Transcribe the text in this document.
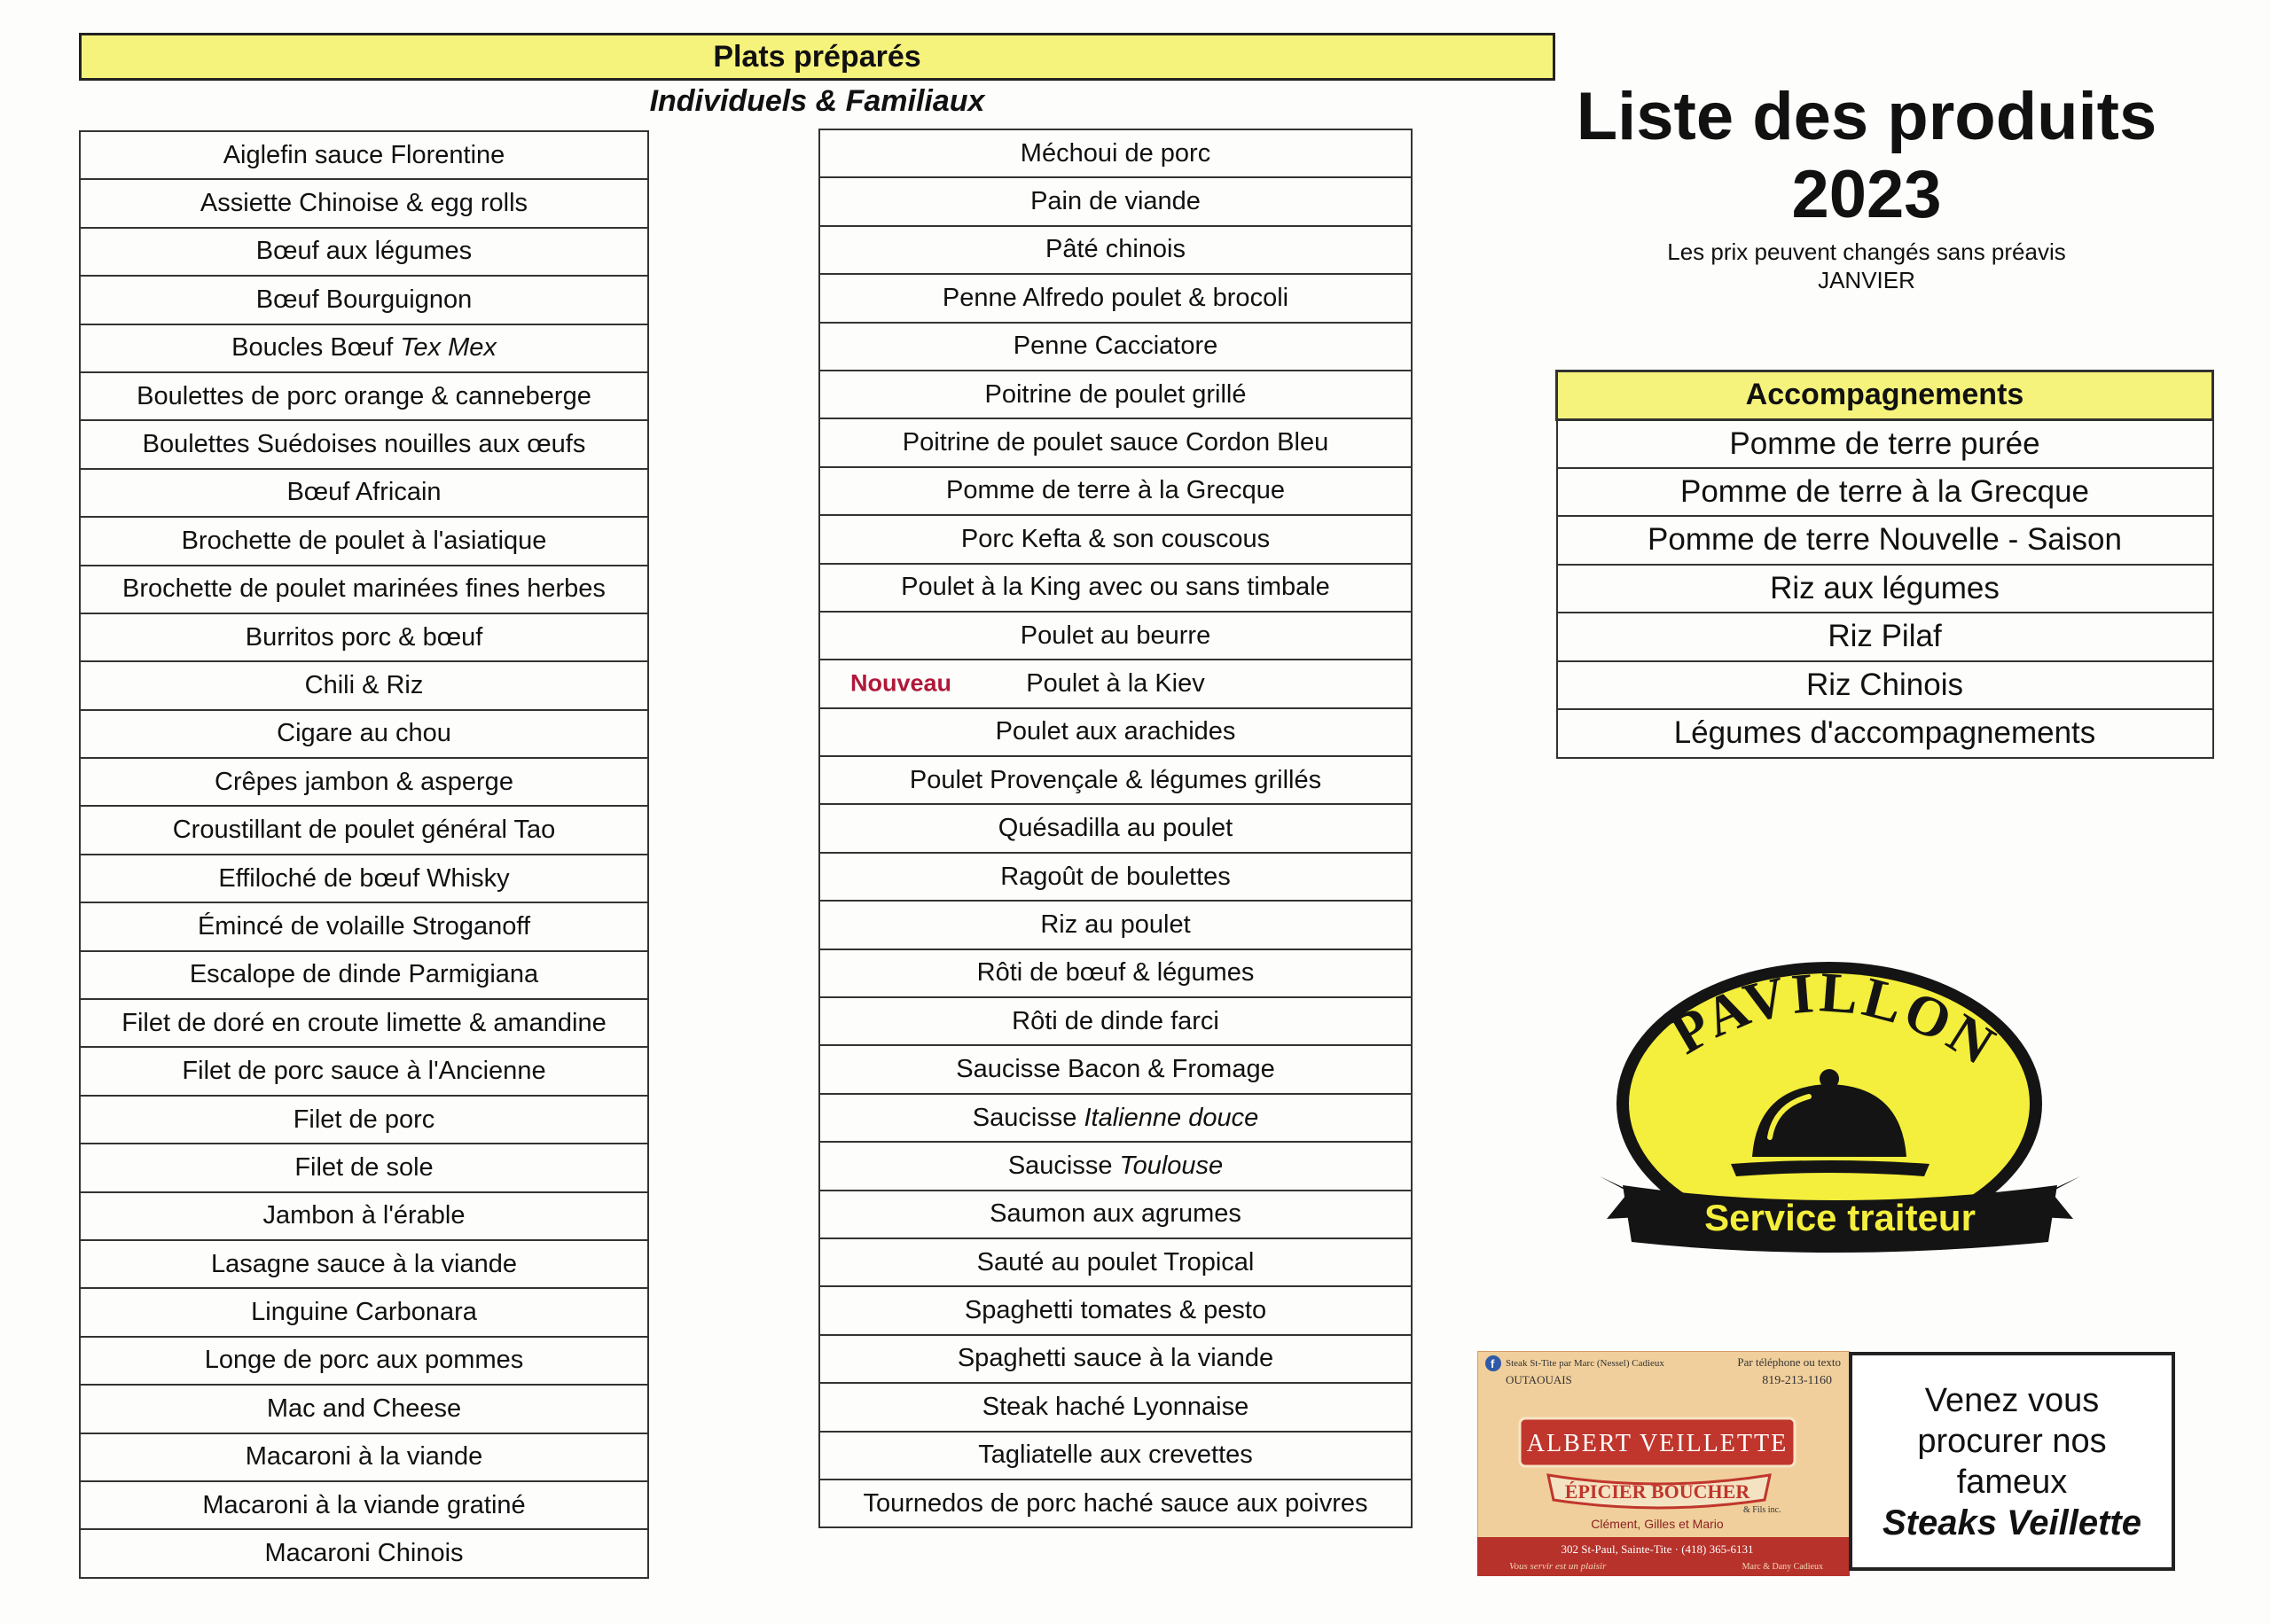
Plats préparés
Individuels & Familiaux
Aiglefin sauce Florentine

Assiette Chinoise & egg rolls

Bœuf aux légumes

Bœuf Bourguignon

Boucles Bœuf Tex Mex

Boulettes de porc orange & canneberge

Boulettes Suédoises nouilles aux œufs

Bœuf Africain

Brochette de poulet à l'asiatique

Brochette de poulet marinées fines herbes

Burritos porc & bœuf

Chili & Riz

Cigare au chou

Crêpes jambon & asperge

Croustillant de poulet général Tao

Effiloché de bœuf Whisky

Émincé de volaille Stroganoff

Escalope de dinde Parmigiana

Filet de doré en croute limette & amandine

Filet de porc sauce à l'Ancienne

Filet de porc

Filet de sole

Jambon à l'érable

Lasagne sauce à la viande

Linguine Carbonara

Longe de porc aux pommes

Mac and Cheese

Macaroni à la viande

Macaroni à la viande gratiné

Macaroni Chinois
Méchoui de porc

Pain de viande

Pâté chinois

Penne Alfredo poulet & brocoli

Penne Cacciatore

Poitrine de poulet grillé

Poitrine de poulet sauce Cordon Bleu

Pomme de terre à la Grecque

Porc Kefta & son couscous

Poulet à la King avec ou sans timbale

Poulet au beurre

Nouveau	Poulet à la Kiev

Poulet aux arachides

Poulet Provençale & légumes grillés

Quésadilla au poulet

Ragoût de boulettes

Riz au poulet

Rôti de bœuf & légumes

Rôti de dinde farci

Saucisse Bacon & Fromage

Saucisse Italienne douce

Saucisse Toulouse

Saumon aux agrumes

Sauté au poulet Tropical

Spaghetti tomates & pesto

Spaghetti sauce à la viande

Steak haché Lyonnaise

Tagliatelle aux crevettes

Tournedos de porc haché sauce aux poivres
Liste des produits
2023
Les prix peuvent changés sans préavis
JANVIER
Accompagnements
Pomme de terre purée
Pomme de terre à la Grecque
Pomme de terre Nouvelle - Saison
Riz aux légumes
Riz Pilaf
Riz Chinois
Légumes d'accompagnements
PAVILLON
Service traiteur
f Steak St-Tite par Marc (Nessel) Cadieux
OUTAOUAIS
Par téléphone ou texto
819-213-1160
ALBERT VEILLETTE
ÉPICIER BOUCHER
& Fils inc.
Clément, Gilles et Mario
302 St-Paul, Sainte-Tite · (418) 365-6131
Vous servir est un plaisir	Marc & Dany Cadieux
Venez vous
procurer nos
fameux
Steaks Veillette
